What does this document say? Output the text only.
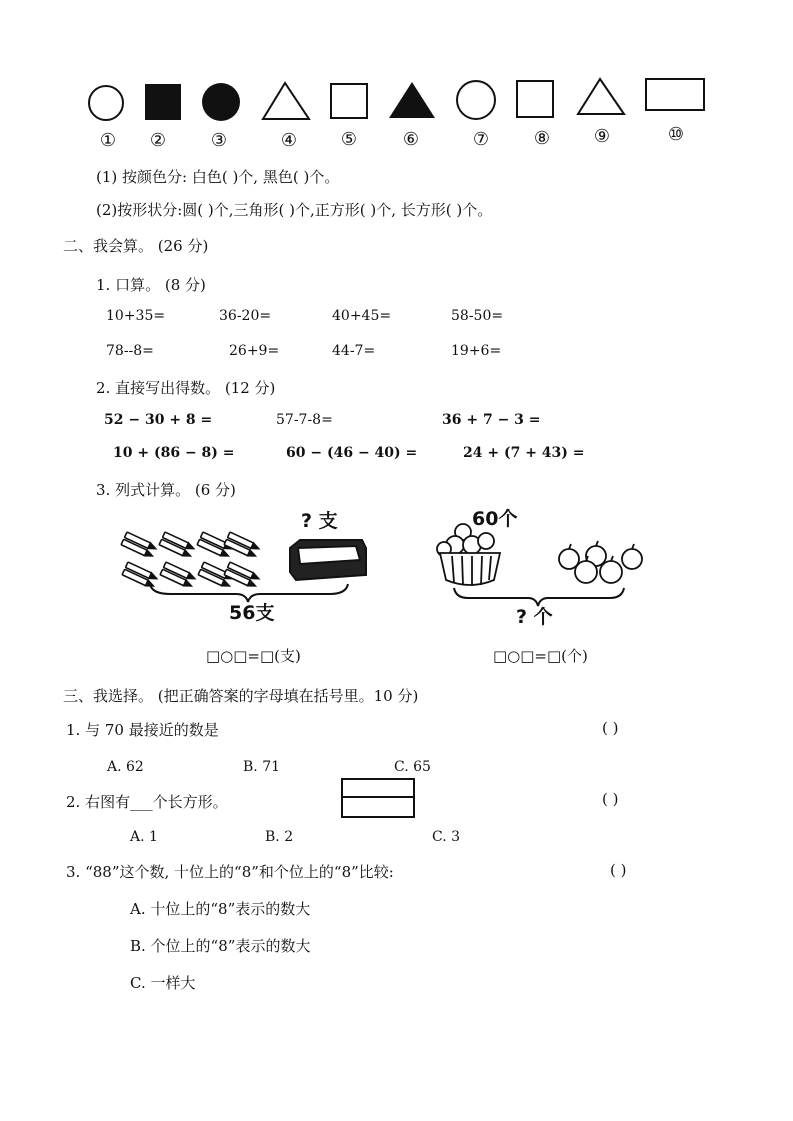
①	②	③	④	⑤	⑥	⑦	⑧	⑨	⑩
(1) 按颜色分: 白色( )个, 黑色( )个。
(2)按形状分:圆( )个,三角形( )个,正方形( )个, 长方形( )个。
二、我会算。 (26 分)
1. 口算。 (8 分)
10+35=	36-20=	40+45=	58-50=
78--8=	26+9=	44-7=	19+6=
2. 直接写出得数。 (12 分)
52 − 30 + 8 =	57-7-8=	36 + 7 − 3 =
10 + (86 − 8) =	60 − (46 − 40) =	24 + (7 + 43) =
3. 列式计算。 (6 分)
? 支
56支
□○□=□(支)
60个
? 个
□○□=□(个)
三、我选择。 (把正确答案的字母填在括号里。10 分)
1. 与 70 最接近的数是	( )
A. 62	B. 71	C. 65
2. 右图有___个长方形。	( )
A. 1	B. 2	C. 3
3. “88”这个数, 十位上的“8”和个位上的“8”比较:	( )
A. 十位上的“8”表示的数大
B. 个位上的“8”表示的数大
C. 一样大
